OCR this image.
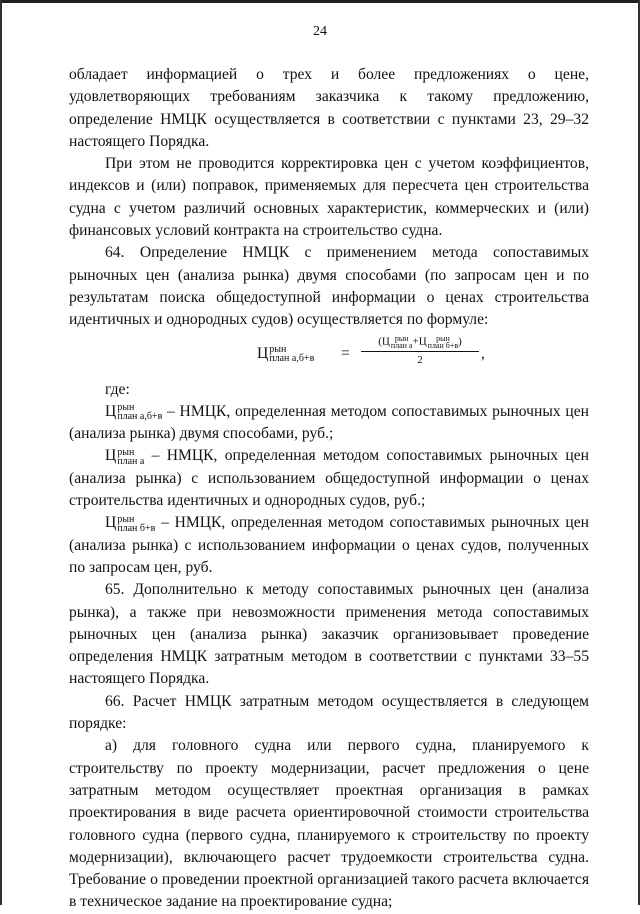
24

обладает информацией о трех и более предложениях о цене, удовлетворяющих требованиям заказчика к такому предложению, определение НМЦК осуществляется в соответствии с пунктами 23, 29–32 настоящего Порядка.

При этом не проводится корректировка цен с учетом коэффициентов, индексов и (или) поправок, применяемых для пересчета цен строительства судна с учетом различий основных характеристик, коммерческих и (или) финансовых условий контракта на строительство судна.

64. Определение НМЦК с применением метода сопоставимых рыночных цен (анализа рынка) двумя способами (по запросам цен и по результатам поиска общедоступной информации о ценах строительства идентичных и однородных судов) осуществляется по формуле:

Ц рын
план а,б+в =
(Ц рын
план а +Ц	рын
план б+в )
2	,

где:

Ц рын
план а,б+в – НМЦК, определенная методом сопоставимых рыночных цен (анализа рынка) двумя способами, руб.;

Ц рын
план а – НМЦК, определенная методом сопоставимых рыночных цен (анализа рынка) с использованием общедоступной информации о ценах строительства идентичных и однородных судов, руб.;

Ц рын
план б+в – НМЦК, определенная методом сопоставимых рыночных цен (анализа рынка) с использованием информации о ценах судов, полученных по запросам цен, руб.

65. Дополнительно к методу сопоставимых рыночных цен (анализа рынка), а также при невозможности применения метода сопоставимых рыночных цен (анализа рынка) заказчик организовывает проведение определения НМЦК затратным методом в соответствии с пунктами 33–55 настоящего Порядка.

66. Расчет НМЦК затратным методом осуществляется в следующем порядке:

а) для головного судна или первого судна, планируемого к строительству по проекту модернизации, расчет предложения о цене затратным методом осуществляет проектная организация в рамках проектирования в виде расчета ориентировочной стоимости строительства головного судна (первого судна, планируемого к строительству по проекту модернизации), включающего расчет трудоемкости строительства судна. Требование о проведении проектной организацией такого расчета включается в техническое задание на проектирование судна;
